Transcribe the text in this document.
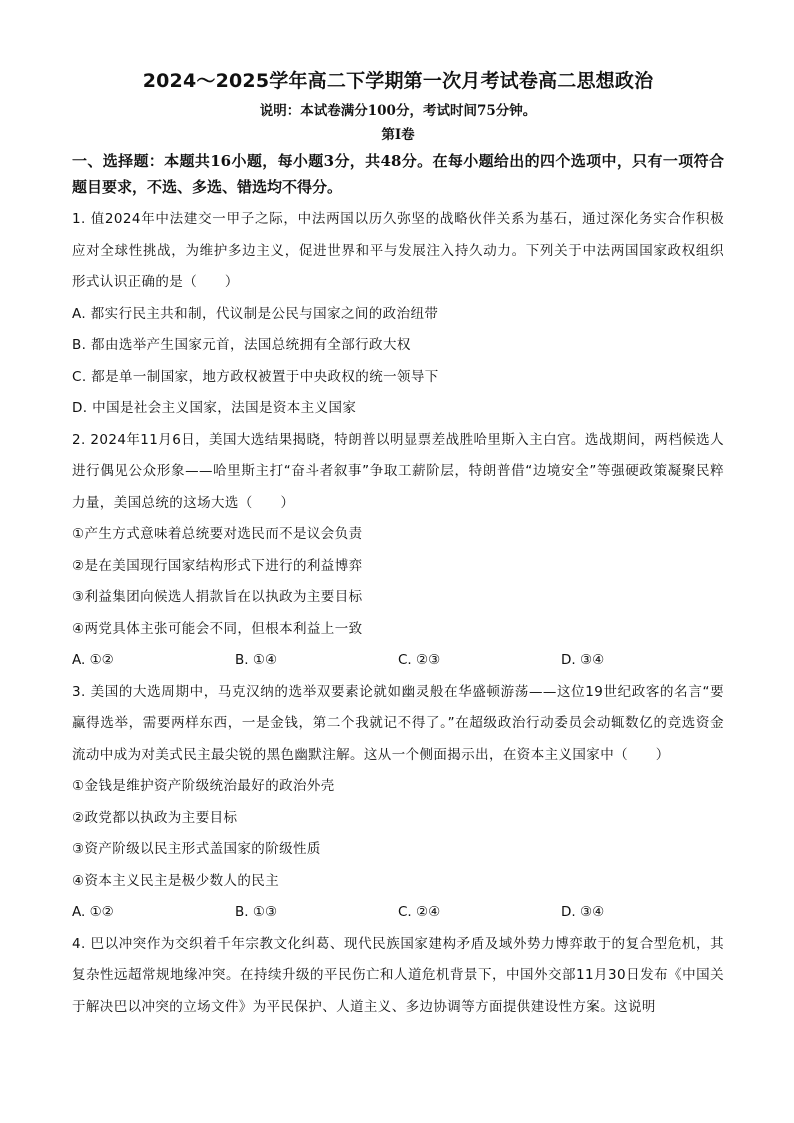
2024～2025学年高二下学期第一次月考试卷高二思想政治

说明：本试卷满分100分，考试时间75分钟。

第Ⅰ卷

一、选择题：本题共16小题，每小题3分，共48分。在每小题给出的四个选项中，只有一项符合题目要求，不选、多选、错选均不得分。

1. 值2024年中法建交一甲子之际，中法两国以历久弥坚的战略伙伴关系为基石，通过深化务实合作积极应对全球性挑战，为维护多边主义，促进世界和平与发展注入持久动力。下列关于中法两国国家政权组织形式认识正确的是（　　）

A. 都实行民主共和制，代议制是公民与国家之间的政治纽带

B. 都由选举产生国家元首，法国总统拥有全部行政大权

C. 都是单一制国家，地方政权被置于中央政权的统一领导下

D. 中国是社会主义国家，法国是资本主义国家

2. 2024年11月6日，美国大选结果揭晓，特朗普以明显票差战胜哈里斯入主白宫。选战期间，两档候选人进行偶见公众形象——哈里斯主打“奋斗者叙事”争取工薪阶层，特朗普借“边境安全”等强硬政策凝聚民粹力量，美国总统的这场大选（　　）

①产生方式意味着总统要对选民而不是议会负责

②是在美国现行国家结构形式下进行的利益博弈

③利益集团向候选人捐款旨在以执政为主要目标

④两党具体主张可能会不同，但根本利益上一致

A. ①②	B. ①④	C. ②③	D. ③④

3. 美国的大选周期中，马克汉纳的选举双要素论就如幽灵般在华盛顿游荡——这位19世纪政客的名言“要赢得选举，需要两样东西，一是金钱，第二个我就记不得了。”在超级政治行动委员会动辄数亿的竞选资金流动中成为对美式民主最尖锐的黑色幽默注解。这从一个侧面揭示出，在资本主义国家中（　　）

①金钱是维护资产阶级统治最好的政治外壳

②政党都以执政为主要目标

③资产阶级以民主形式盖国家的阶级性质

④资本主义民主是极少数人的民主

A. ①②	B. ①③	C. ②④	D. ③④

4. 巴以冲突作为交织着千年宗教文化纠葛、现代民族国家建构矛盾及域外势力博弈敢于的复合型危机，其复杂性远超常规地缘冲突。在持续升级的平民伤亡和人道危机背景下，中国外交部11月30日发布《中国关于解决巴以冲突的立场文件》为平民保护、人道主义、多边协调等方面提供建设性方案。这说明
